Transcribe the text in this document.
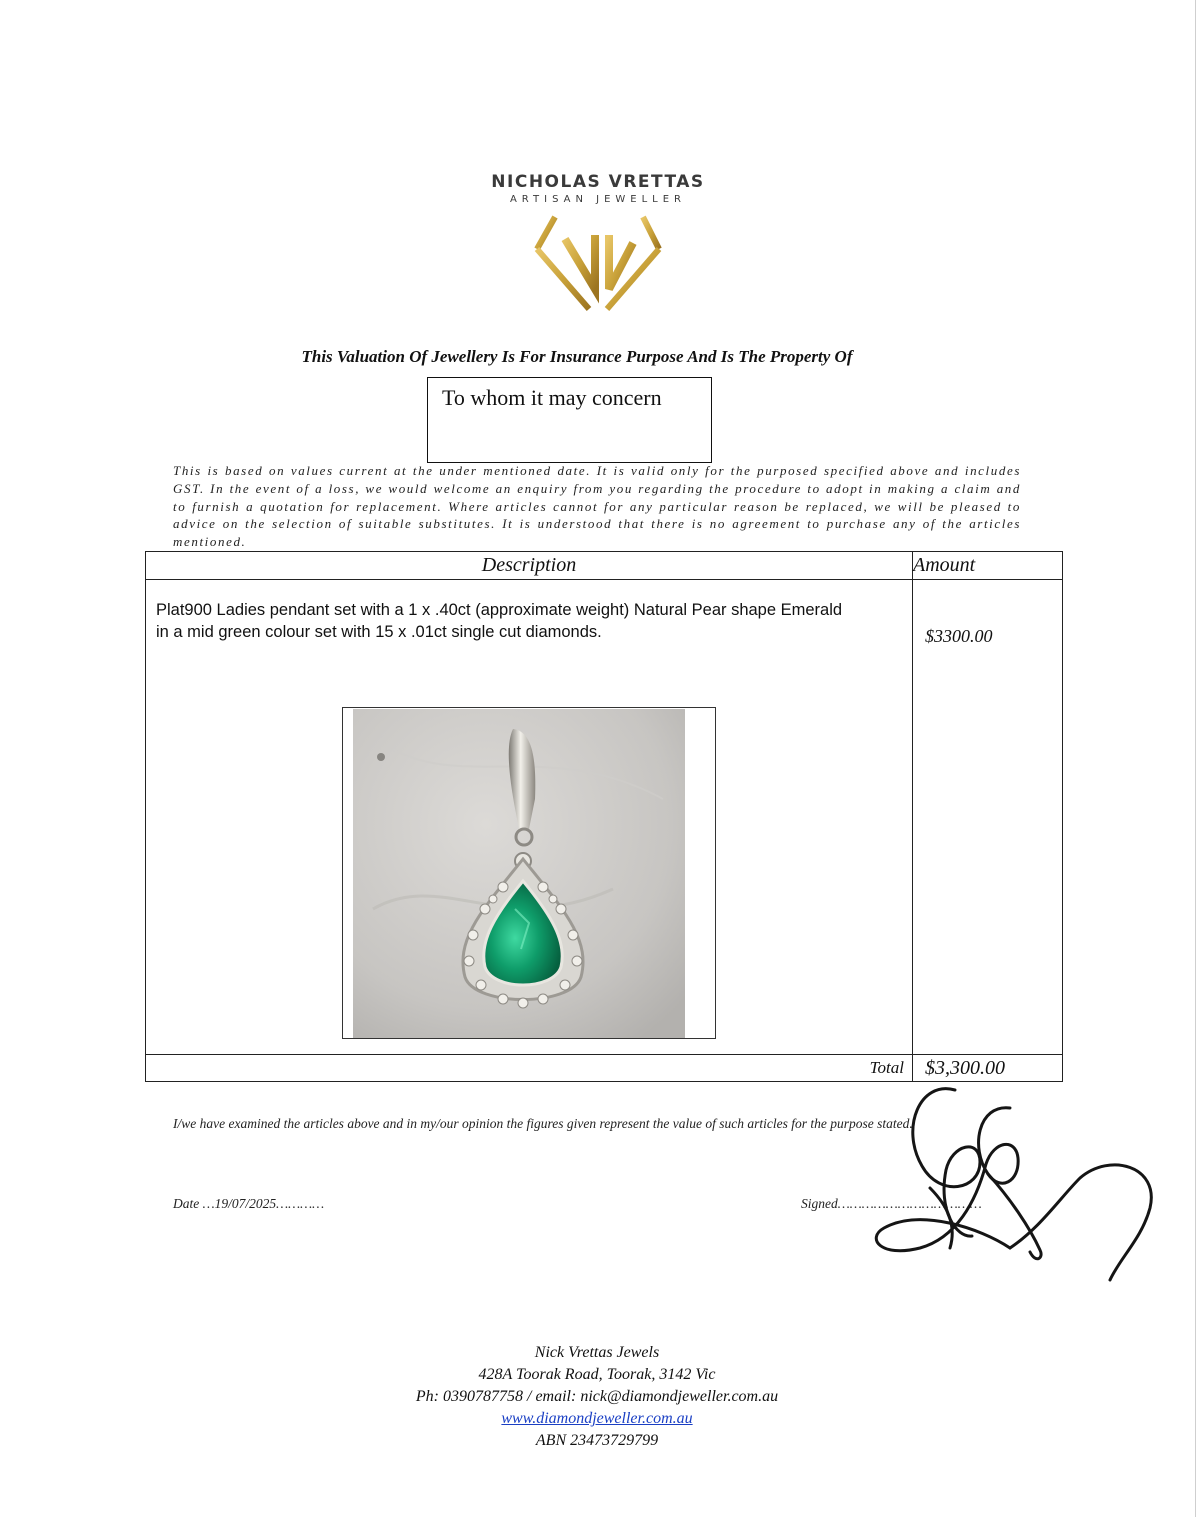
NICHOLAS VRETTAS
ARTISAN JEWELLER
This Valuation Of Jewellery Is For Insurance Purpose And Is The Property Of
To whom it may concern
This is based on values current at the under mentioned date. It is valid only for the purposed specified above and includes GST. In the event of a loss, we would welcome an enquiry from you regarding the procedure to adopt in making a claim and to furnish a quotation for replacement. Where articles cannot for any particular reason be replaced, we will be pleased to advice on the selection of suitable substitutes. It is understood that there is no agreement to purchase any of the articles mentioned.
Description	Amount

Plat900 Ladies pendant set with a 1 x .40ct (approximate weight) Natural Pear shape Emerald
in a mid green colour set with 15 x .01ct single cut diamonds.	$3300.00

Total	$3,300.00
I/we have examined the articles above and in my/our opinion the figures given represent the value of such articles for the purpose stated.
Date …19/07/2025…………	Signed………………………………
Nick Vrettas Jewels
428A Toorak Road, Toorak, 3142 Vic
Ph: 0390787758 / email: nick@diamondjeweller.com.au
www.diamondjeweller.com.au
ABN 23473729799
